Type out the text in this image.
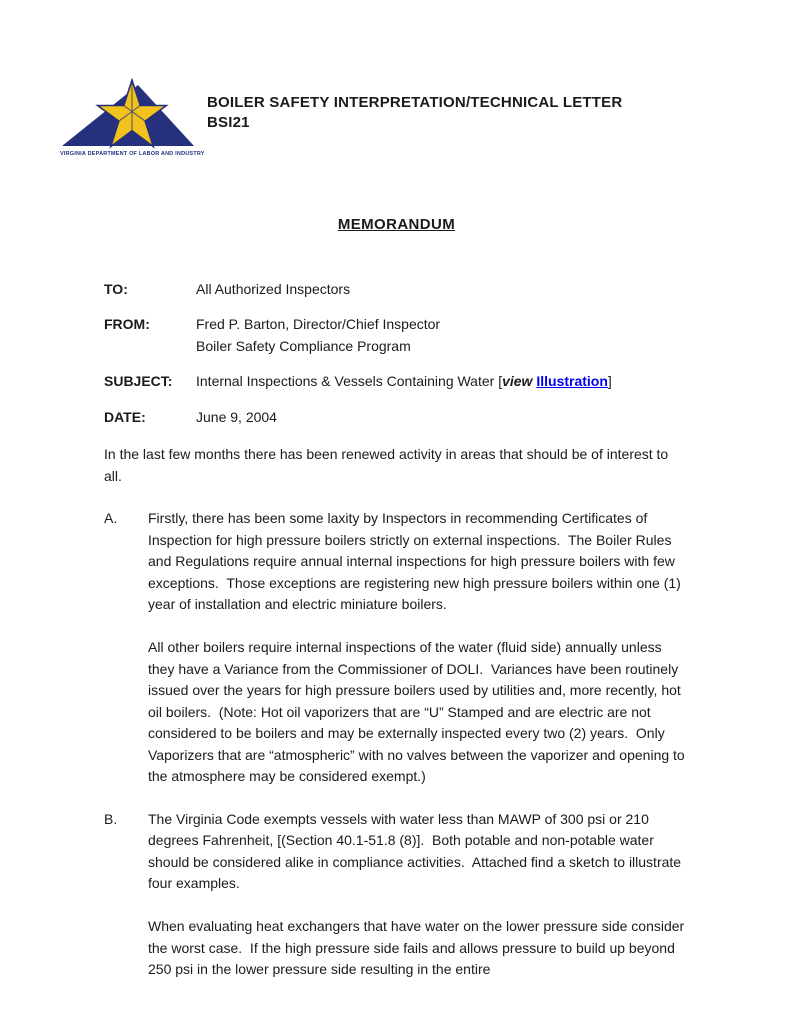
VIRGINIA DEPARTMENT OF LABOR AND INDUSTRY
BOILER SAFETY INTERPRETATION/TECHNICAL LETTER
BSI21
MEMORANDUM
TO:	All Authorized Inspectors
FROM:	Fred P. Barton, Director/Chief Inspector
Boiler Safety Compliance Program
SUBJECT:	Internal Inspections & Vessels Containing Water [view Illustration]
DATE:	June 9, 2004

In the last few months there has been renewed activity in areas that should be of interest to all.

A.	Firstly, there has been some laxity by Inspectors in recommending Certificates of Inspection for high pressure boilers strictly on external inspections.  The Boiler Rules and Regulations require annual internal inspections for high pressure boilers with few exceptions.  Those exceptions are registering new high pressure boilers within one (1) year of installation and electric miniature boilers.

All other boilers require internal inspections of the water (fluid side) annually unless they have a Variance from the Commissioner of DOLI.  Variances have been routinely issued over the years for high pressure boilers used by utilities and, more recently, hot oil boilers.  (Note: Hot oil vaporizers that are “U” Stamped and are electric are not considered to be boilers and may be externally inspected every two (2) years.  Only Vaporizers that are “atmospheric” with no valves between the vaporizer and opening to the atmosphere may be considered exempt.)

B.	The Virginia Code exempts vessels with water less than MAWP of 300 psi or 210 degrees Fahrenheit, [(Section 40.1-51.8 (8)].  Both potable and non-potable water should be considered alike in compliance activities.  Attached find a sketch to illustrate four examples.

When evaluating heat exchangers that have water on the lower pressure side consider the worst case.  If the high pressure side fails and allows pressure to build up beyond 250 psi in the lower pressure side resulting in the entire
